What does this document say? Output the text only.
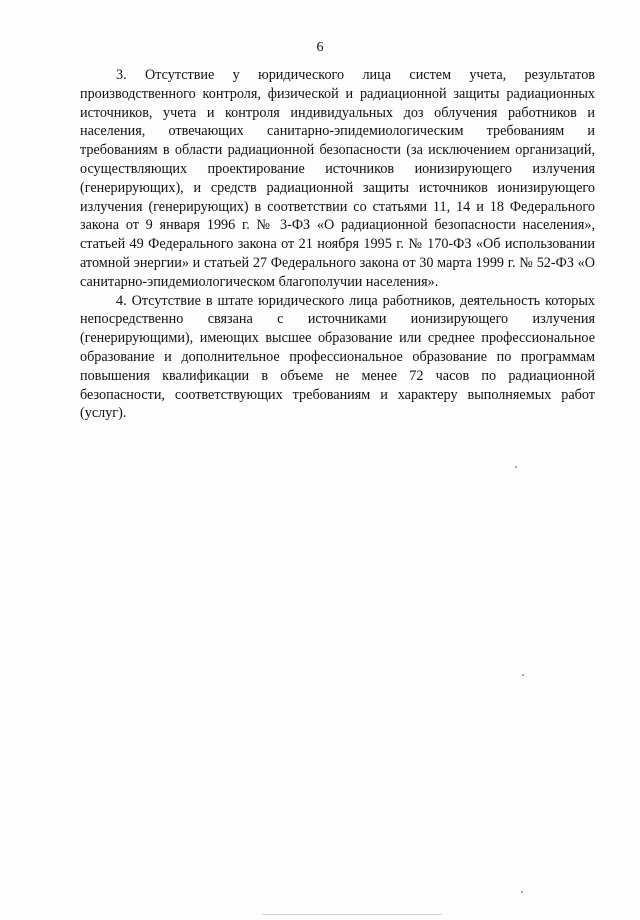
6

3. Отсутствие у юридического лица систем учета, результатов производственного контроля, физической и радиационной защиты радиационных источников, учета и контроля индивидуальных доз облучения работников и населения, отвечающих санитарно-эпидемиологическим требованиям и требованиям в области радиационной безопасности (за исключением организаций, осуществляющих проектирование источников ионизирующего излучения (генерирующих), и средств радиационной защиты источников ионизирующего излучения (генерирующих) в соответствии со статьями 11, 14 и 18 Федерального закона от 9 января 1996 г. № 3-ФЗ «О радиационной безопасности населения», статьей 49 Федерального закона от 21 ноября 1995 г. № 170-ФЗ «Об использовании атомной энергии» и статьей 27 Федерального закона от 30 марта 1999 г. № 52-ФЗ «О санитарно-эпидемиологическом благополучии населения».

4. Отсутствие в штате юридического лица работников, деятельность которых непосредственно связана с источниками ионизирующего излучения (генерирующими), имеющих высшее образование или среднее профессиональное образование и дополнительное профессиональное образование по программам повышения квалификации в объеме не менее 72 часов по радиационной безопасности, соответствующих требованиям и характеру выполняемых работ (услуг).
